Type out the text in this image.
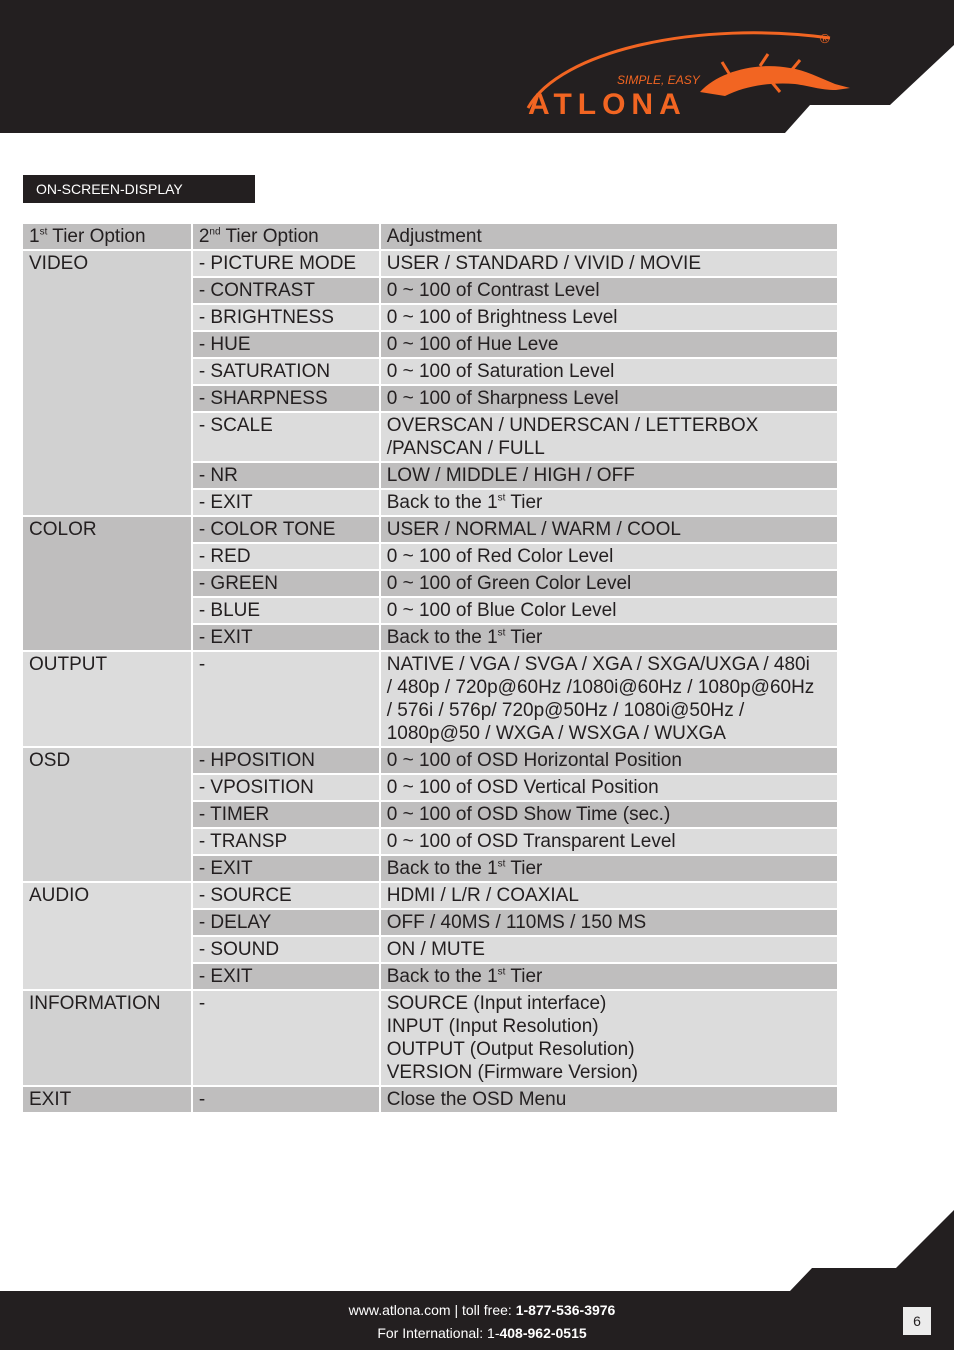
SIMPLE, EASY
ATLONA
®
ON-SCREEN-DISPLAY
1st Tier Option	2nd Tier Option	Adjustment
VIDEO	- PICTURE MODE	USER / STANDARD / VIVID / MOVIE
	- CONTRAST	0 ~ 100 of Contrast Level
	- BRIGHTNESS	0 ~ 100 of Brightness Level
	- HUE	0 ~ 100 of Hue Leve
	- SATURATION	0 ~ 100 of Saturation Level
	- SHARPNESS	0 ~ 100 of Sharpness Level
	- SCALE	OVERSCAN / UNDERSCAN / LETTERBOX
/PANSCAN / FULL
	- NR	LOW / MIDDLE / HIGH / OFF
	- EXIT	Back to the 1st Tier
COLOR	- COLOR TONE	USER / NORMAL / WARM / COOL
	- RED	0 ~ 100 of Red Color Level
	- GREEN	0 ~ 100 of Green Color Level
	- BLUE	0 ~ 100 of Blue Color Level
	- EXIT	Back to the 1st Tier
OUTPUT	-	NATIVE / VGA / SVGA / XGA / SXGA/UXGA / 480i
/ 480p / 720p@60Hz /1080i@60Hz / 1080p@60Hz
/ 576i / 576p/ 720p@50Hz / 1080i@50Hz /
1080p@50 / WXGA / WSXGA / WUXGA
OSD	- HPOSITION	0 ~ 100 of OSD Horizontal Position
	- VPOSITION	0 ~ 100 of OSD Vertical Position
	- TIMER	0 ~ 100 of OSD Show Time (sec.)
	- TRANSP	0 ~ 100 of OSD Transparent Level
	- EXIT	Back to the 1st Tier
AUDIO	- SOURCE	HDMI / L/R / COAXIAL
	- DELAY	OFF / 40MS / 110MS / 150 MS
	- SOUND	ON / MUTE
	- EXIT	Back to the 1st Tier
INFORMATION	-	SOURCE (Input interface)
INPUT (Input Resolution)
OUTPUT (Output Resolution)
VERSION (Firmware Version)
EXIT	-	Close the OSD Menu
www.atlona.com | toll free: 1-877-536-3976
For International: 1-408-962-0515
6
